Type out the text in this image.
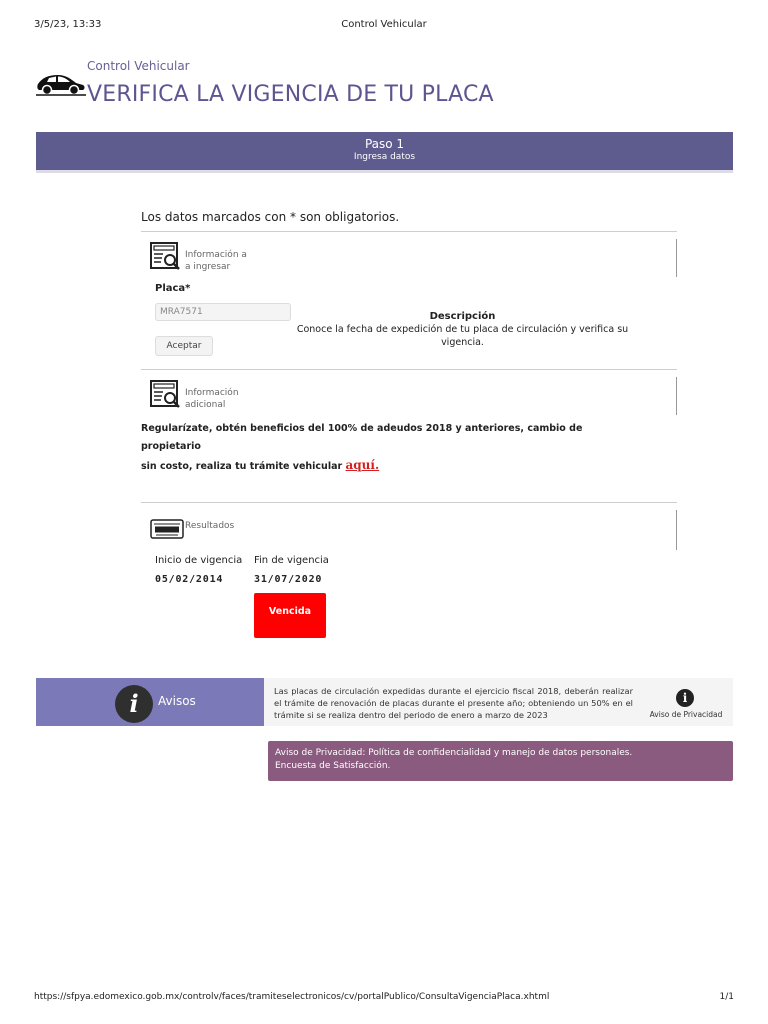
3/5/23, 13:33	Control Vehicular
Control Vehicular
VERIFICA LA VIGENCIA DE TU PLACA
Paso 1
Ingresa datos
Los datos marcados con * son obligatorios.
Información a
a ingresar
Placa*
MRA7571
Aceptar
Descripción
Conoce la fecha de expedición de tu placa de circulación y verifica su vigencia.
Información
adicional
Regularízate, obtén beneficios del 100% de adeudos 2018 y anteriores, cambio de propietario
sin costo, realiza tu trámite vehicular aquí.
Resultados
Inicio de vigencia Fin de vigencia
05/02/2014	31/07/2020
Vencida
i	Avisos
Las placas de circulación expedidas durante el ejercicio fiscal 2018, deberán realizar el trámite de renovación de placas durante el presente año; obteniendo un 50% en el trámite si se realiza dentro del periodo de enero a marzo de 2023
i
Aviso de Privacidad
Aviso de Privacidad: Política de confidencialidad y manejo de datos personales.
Encuesta de Satisfacción.
https://sfpya.edomexico.gob.mx/controlv/faces/tramiteselectronicos/cv/portalPublico/ConsultaVigenciaPlaca.xhtml	1/1
